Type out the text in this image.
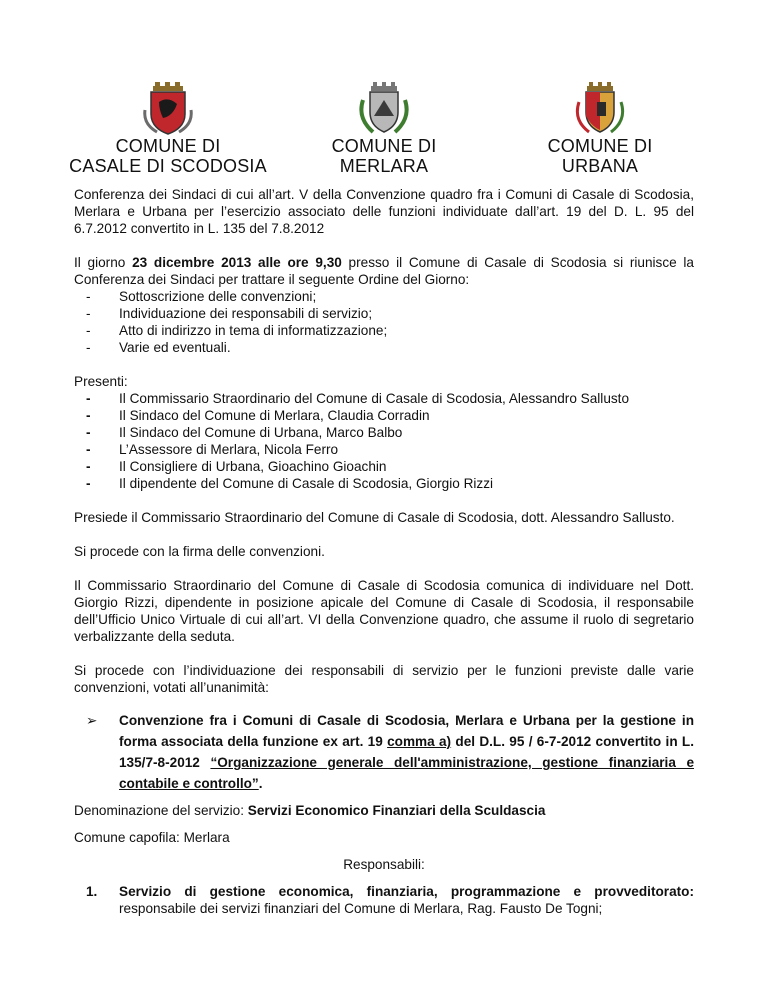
COMUNE DI
CASALE DI SCODOSIA
COMUNE DI
MERLARA
COMUNE DI
URBANA

Conferenza dei Sindaci di cui all’art. V della Convenzione quadro fra i Comuni di Casale di Scodosia, Merlara e Urbana per l’esercizio associato delle funzioni individuate dall’art. 19 del D. L. 95 del 6.7.2012 convertito in L. 135 del 7.8.2012

Il giorno 23 dicembre 2013 alle ore 9,30 presso il Comune di Casale di Scodosia si riunisce la Conferenza dei Sindaci per trattare il seguente Ordine del Giorno:

- Sottoscrizione delle convenzioni;
- Individuazione dei responsabili di servizio;
- Atto di indirizzo in tema di informatizzazione;
- Varie ed eventuali.

Presenti:

- Il Commissario Straordinario del Comune di Casale di Scodosia, Alessandro Sallusto
- Il Sindaco del Comune di Merlara, Claudia Corradin
- Il Sindaco del Comune di Urbana, Marco Balbo
- L’Assessore di Merlara, Nicola Ferro
- Il Consigliere di Urbana, Gioachino Gioachin
- Il dipendente del Comune di Casale di Scodosia, Giorgio Rizzi

Presiede il Commissario Straordinario del Comune di Casale di Scodosia, dott. Alessandro Sallusto.

Si procede con la firma delle convenzioni.

Il Commissario Straordinario del Comune di Casale di Scodosia comunica di individuare nel Dott. Giorgio Rizzi, dipendente in posizione apicale del Comune di Casale di Scodosia, il responsabile dell’Ufficio Unico Virtuale di cui all’art. VI della Convenzione quadro, che assume il ruolo di segretario verbalizzante della seduta.

Si procede con l’individuazione dei responsabili di servizio per le funzioni previste dalle varie convenzioni, votati all’unanimità:

➢ Convenzione fra i Comuni di Casale di Scodosia, Merlara e Urbana per la gestione in forma associata della funzione ex art. 19 comma a) del D.L. 95 / 6-7-2012 convertito in L. 135/7-8-2012 “Organizzazione generale dell'amministrazione, gestione finanziaria e contabile e controllo”.

Denominazione del servizio: Servizi Economico Finanziari della Sculdascia

Comune capofila: Merlara

Responsabili:

1. Servizio di gestione economica, finanziaria, programmazione e provveditorato: responsabile dei servizi finanziari del Comune di Merlara, Rag. Fausto De Togni;
